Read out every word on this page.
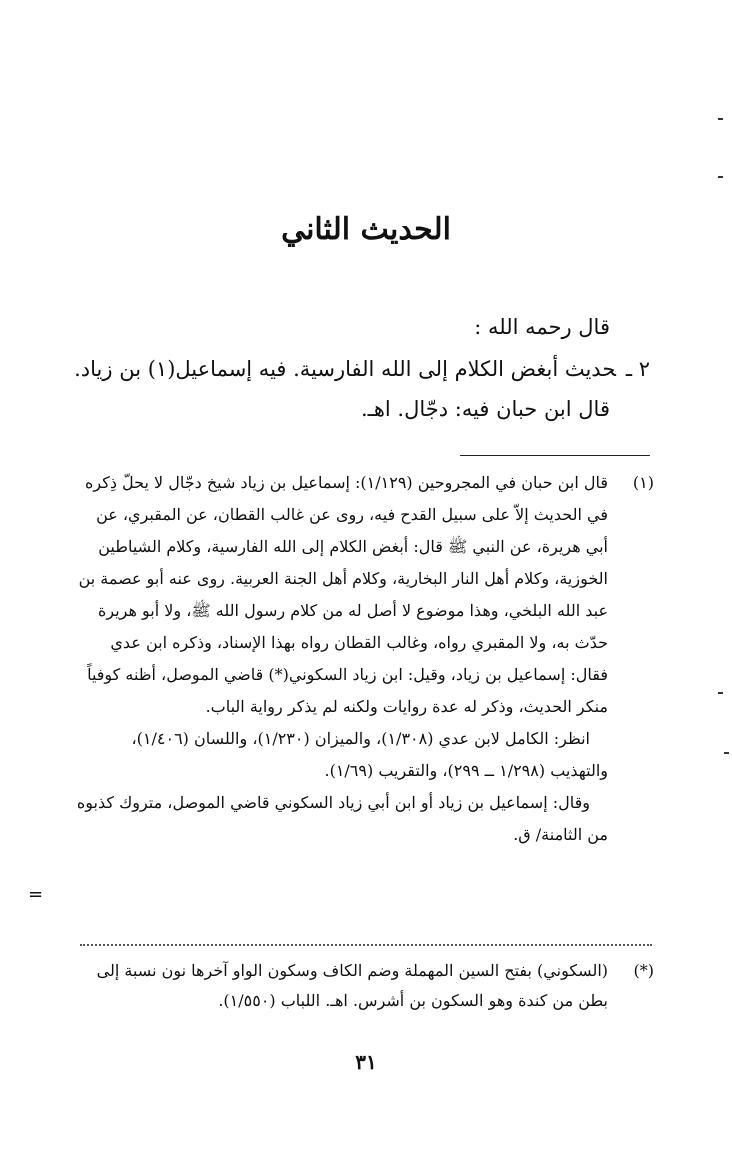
الحديث الثاني

قال رحمه الله :

٢ ـحديث أبغض الكلام إلى الله الفارسية. فيه إسماعيل(١) بن زياد.

قال ابن حبان فيه: دجّال. اهـ.

(١)

قال ابن حبان في المجروحين (١/١٢٩): إسماعيل بن زياد شيخ دجّال لا يحلّ ذِكره في الحديث إلاّ على سبيل القدح فيه، روى عن غالب القطان، عن المقبري، عن أبي هريرة، عن النبي ﷺ قال: أبغض الكلام إلى الله الفارسية، وكلام الشياطين الخوزية، وكلام أهل النار البخارية، وكلام أهل الجنة العربية. روى عنه أبو عصمة بن عبد الله البلخي، وهذا موضوع لا أصل له من كلام رسول الله ﷺ، ولا أبو هريرة حدّث به، ولا المقبري رواه، وغالب القطان رواه بهذا الإسناد، وذكره ابن عدي فقال: إسماعيل بن زياد، وقيل: ابن زياد السكوني(*) قاضي الموصل، أظنه كوفياً منكر الحديث، وذكر له عدة روايات ولكنه لم يذكر رواية الباب.

انظر: الكامل لابن عدي (١/٣٠٨)، والميزان (١/٢٣٠)، واللسان (١/٤٠٦)، والتهذيب (١/٢٩٨ ــ ٢٩٩)، والتقريب (١/٦٩).

وقال: إسماعيل بن زياد أو ابن أبي زياد السكوني قاضي الموصل، متروك كذبوه من الثامنة/ ق.

(*)
(السكوني) بفتح السين المهملة وضم الكاف وسكون الواو آخرها نون نسبة إلى بطن من كندة وهو السكون بن أشرس. اهـ. اللباب (١/٥٥٠).
٣١
=
